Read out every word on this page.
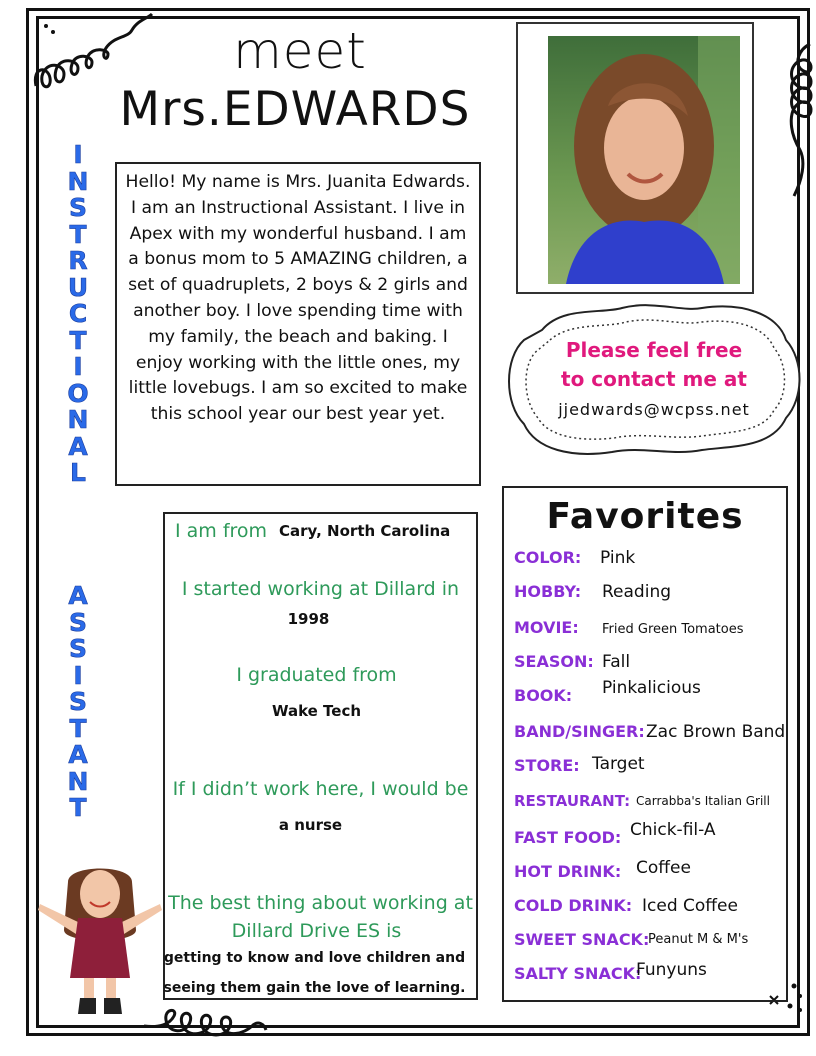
meet
Mrs.EDWARDS
I
N
S
T
R
U
C
T
I
O
N
A
L
A
S
S
I
S
T
A
N
T

Hello! My name is Mrs. Juanita Edwards. I am an Instructional Assistant. I live in Apex with my wonderful husband. I am a bonus mom to 5 AMAZING children, a set of quadruplets, 2 boys & 2 girls and another boy. I love spending time with my family, the beach and baking. I enjoy working with the little ones, my little lovebugs. I am so excited to make this school year our best year yet.

Please feel free
to contact me at
jjedwards@wcpss.net
I am from Cary, North Carolina
I started working at Dillard in
1998
I graduated from
Wake Tech
If I didn’t work here, I would be
a nurse
The best thing about working at
Dillard Drive ES is
getting to know and love children and
seeing them gain the love of learning.
Favorites
COLOR: Pink
HOBBY: Reading
MOVIE: Fried Green Tomatoes
SEASON: Fall
BOOK: Pinkalicious
BAND/SINGER: Zac Brown Band
STORE: Target
RESTAURANT: Carrabba's Italian Grill
FAST FOOD: Chick-fil-A
HOT DRINK: Coffee
COLD DRINK: Iced Coffee
SWEET SNACK:
Peanut M & M's
SALTY SNACK:
Funyuns
